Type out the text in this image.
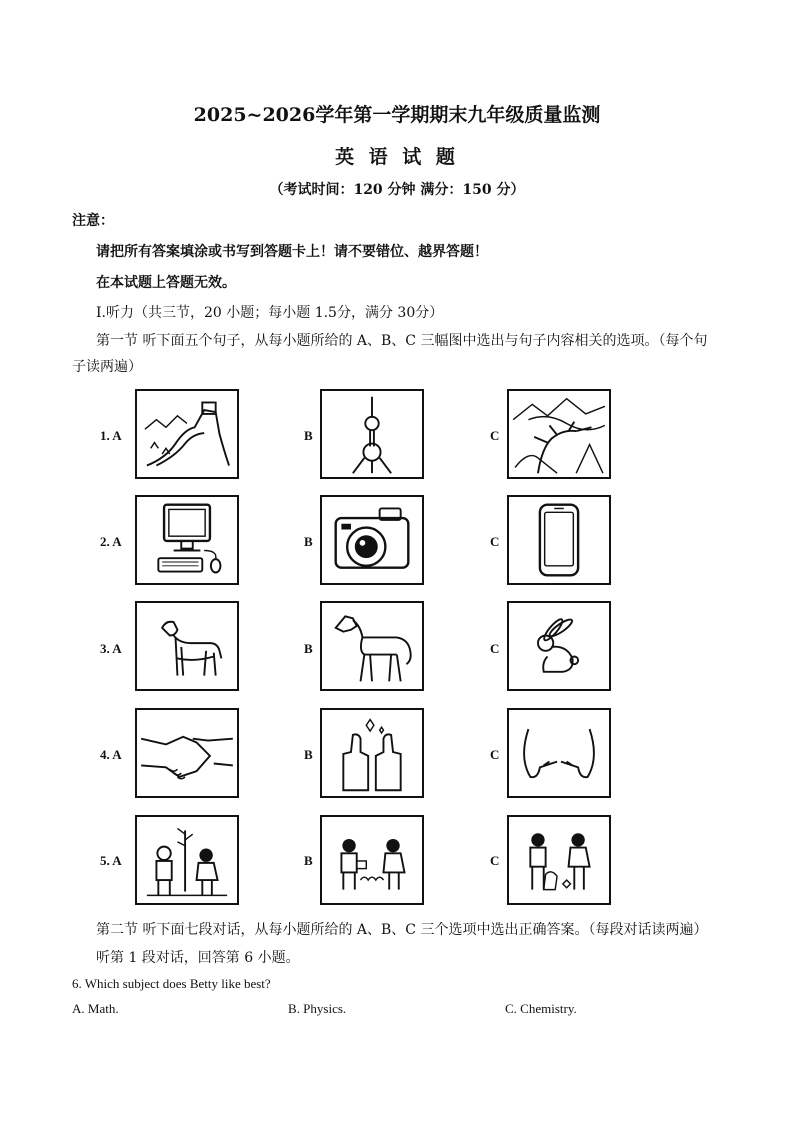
2025~2026学年第一学期期末九年级质量监测
英 语 试 题
（考试时间：120 分钟 满分：150 分）
注意：
请把所有答案填涂或书写到答题卡上！请不要错位、越界答题！
在本试题上答题无效。
I.听力（共三节，20 小题；每小题 1.5分，满分 30分）
第一节 听下面五个句子，从每小题所给的 A、B、C 三幅图中选出与句子内容相关的选项。（每个句
子读两遍）
1. A	B	C
2. A	B	C
3. A	B	C
4. A	B	C
5. A	B	C
第二节 听下面七段对话，从每小题所给的 A、B、C 三个选项中选出正确答案。（每段对话读两遍）
听第 1 段对话，回答第 6 小题。
6. Which subject does Betty like best?
A. Math.	B. Physics.	C. Chemistry.
